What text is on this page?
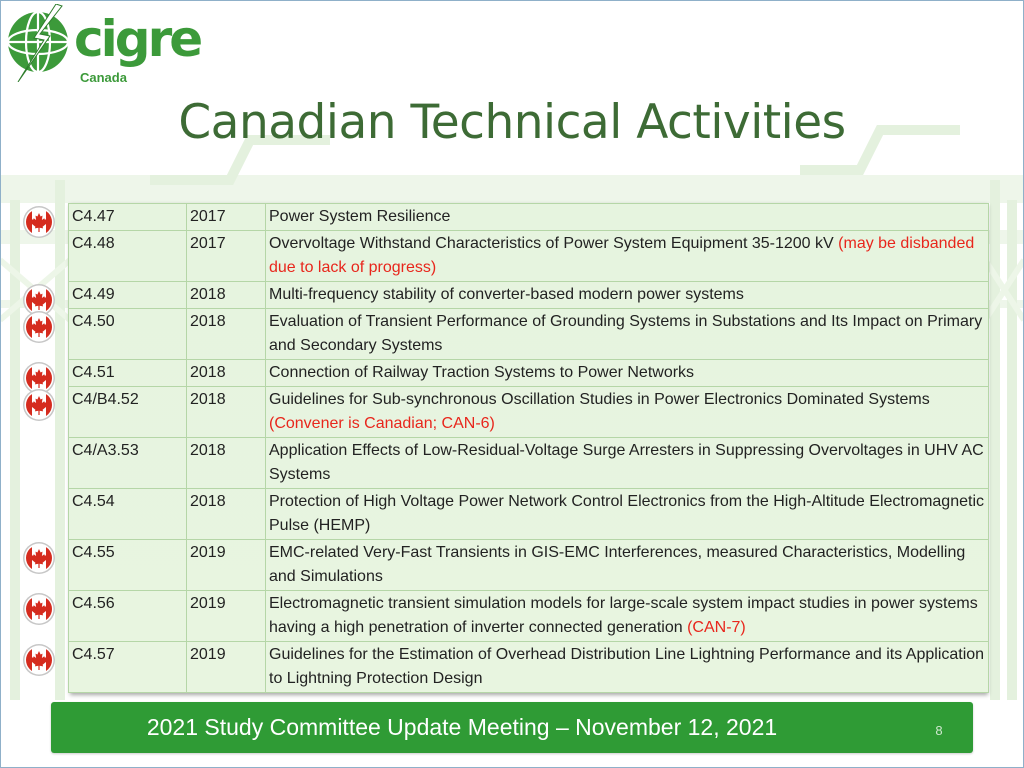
cigre
Canada
Canadian Technical Activities
C4.47	2017	Power System Resilience
C4.48	2017	Overvoltage Withstand Characteristics of Power System Equipment 35-1200 kV (may be disbanded due to lack of progress)
C4.49	2018	Multi-frequency stability of converter-based modern power systems
C4.50	2018	Evaluation of Transient Performance of Grounding Systems in Substations and Its Impact on Primary and Secondary Systems
C4.51	2018	Connection of Railway Traction Systems to Power Networks
C4/B4.52	2018	Guidelines for Sub-synchronous Oscillation Studies in Power Electronics Dominated Systems (Convener is Canadian; CAN-6)
C4/A3.53	2018	Application Effects of Low-Residual-Voltage Surge Arresters in Suppressing Overvoltages in UHV AC Systems
C4.54	2018	Protection of High Voltage Power Network Control Electronics from the High-Altitude Electromagnetic Pulse (HEMP)
C4.55	2019	EMC-related Very-Fast Transients in GIS-EMC Interferences, measured Characteristics, Modelling and Simulations
C4.56	2019	Electromagnetic transient simulation models for large-scale system impact studies in power systems having a high penetration of inverter connected generation (CAN-7)
C4.57	2019	Guidelines for the Estimation of Overhead Distribution Line Lightning Performance and its Application to Lightning Protection Design
2021 Study Committee Update Meeting – November 12, 2021	8
